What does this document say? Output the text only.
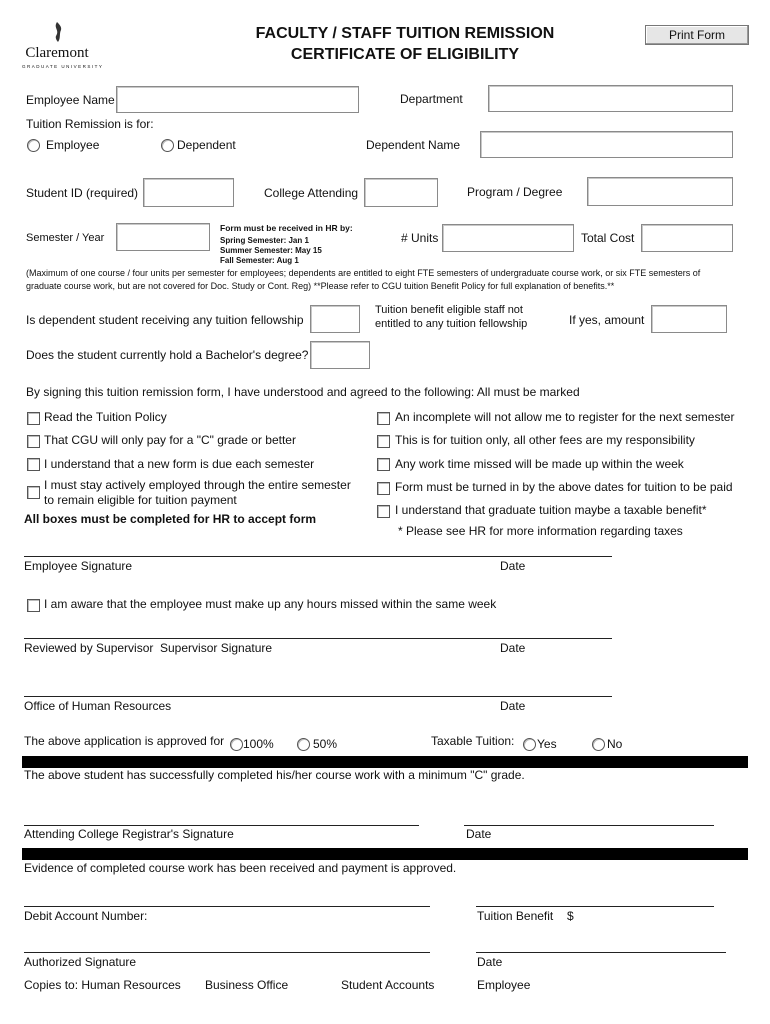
Claremont
GRADUATE UNIVERSITY
FACULTY / STAFF TUITION REMISSION
CERTIFICATE OF ELIGIBILITY
Print Form
Employee Name	Department
Tuition Remission is for:
Employee	Dependent	Dependent Name
Student ID (required)	College Attending	Program / Degree
Semester / Year
Form must be received in HR by:
Spring Semester: Jan 1
Summer Semester: May 15
Fall Semester: Aug 1
# Units	Total Cost
(Maximum of one course / four units per semester for employees; dependents are entitled to eight FTE semesters of undergraduate course work, or six FTE semesters of
graduate course work, but are not covered for Doc. Study or Cont. Reg) **Please refer to CGU tuition Benefit Policy for full explanation of benefits.**
Is dependent student receiving any tuition fellowship
Tuition benefit eligible staff not
entitled to any tuition fellowship	If yes, amount
Does the student currently hold a Bachelor's degree?
By signing this tuition remission form, I have understood and agreed to the following: All must be marked
Read the Tuition Policy
That CGU will only pay for a "C" grade or better
I understand that a new form is due each semester
I must stay actively employed through the entire semester
to remain eligible for tuition payment
All boxes must be completed for HR to accept form
An incomplete will not allow me to register for the next semester
This is for tuition only, all other fees are my responsibility
Any work time missed will be made up within the week
Form must be turned in by the above dates for tuition to be paid
I understand that graduate tuition maybe a taxable benefit*
* Please see HR for more information regarding taxes
Employee Signature	Date
I am aware that the employee must make up any hours missed within the same week
Reviewed by Supervisor Supervisor Signature	Date
Office of Human Resources	Date
The above application is approved for 100%	50%	Taxable Tuition: Yes	No
The above student has successfully completed his/her course work with a minimum "C" grade.
Attending College Registrar's Signature	Date
Evidence of completed course work has been received and payment is approved.
Debit Account Number:	Tuition Benefit $
Authorized Signature	Date
Copies to: Human Resources Business Office	Student Accounts	Employee
